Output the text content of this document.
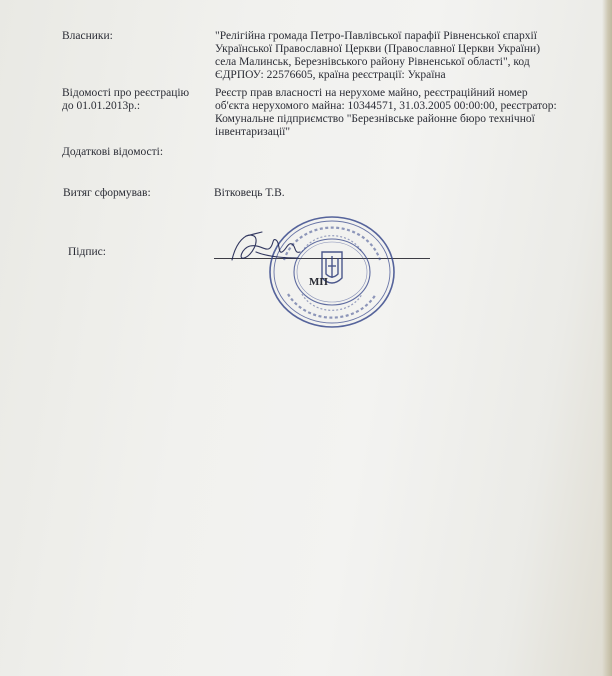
Власники:	"Релігійна громада Петро-Павлівської парафії Рівненської єпархії
Української Православної Церкви (Православної Церкви України)
села Малинськ, Березнівського району Рівненської області", код
ЄДРПОУ: 22576605, країна реєстрації: Україна
Відомості про реєстрацію
до 01.01.2013р.:
Реєстр прав власності на нерухоме майно, реєстраційний номер
об'єкта нерухомого майна: 10344571, 31.03.2005 00:00:00, реєстратор:
Комунальне підприємство "Березнівське районне бюро технічної
інвентаризації"
Додаткові відомості:
Витяг сформував:	Вітковець Т.В.
Підпис:
МП
